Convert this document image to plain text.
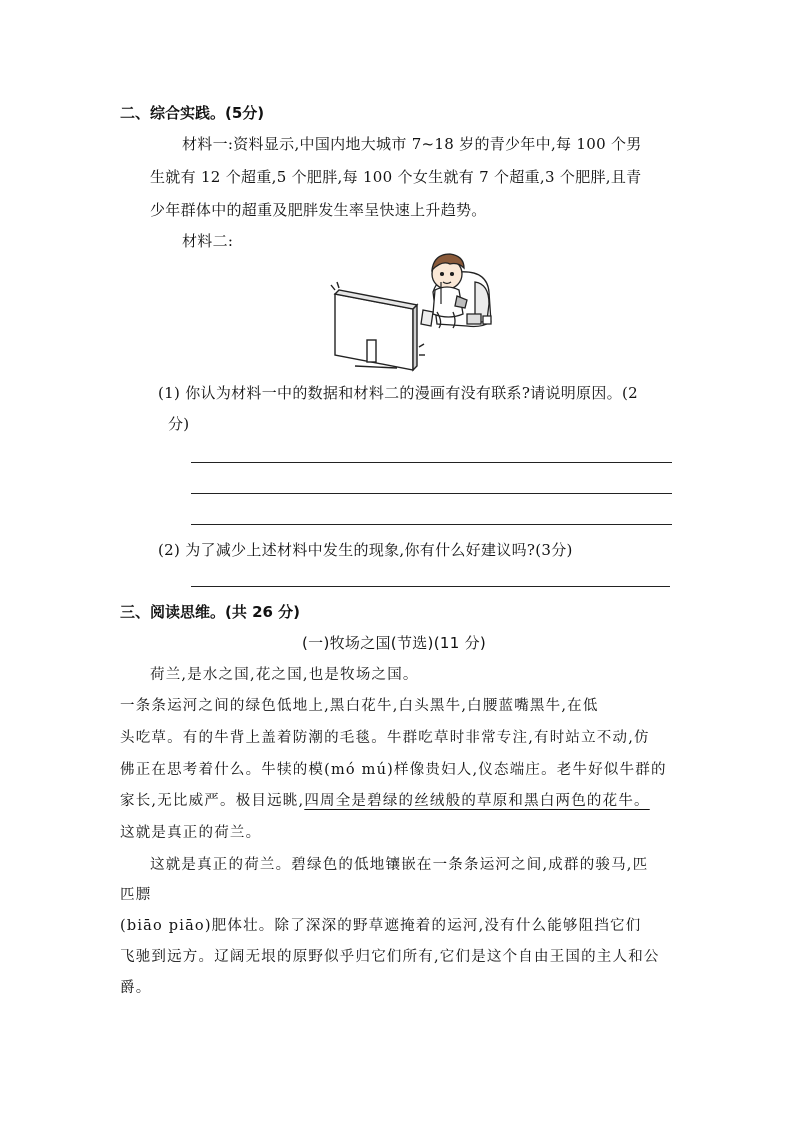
二、综合实践。(5分)
材料一:资料显示,中国内地大城市 7~18 岁的青少年中,每 100 个男
生就有 12 个超重,5 个肥胖,每 100 个女生就有 7 个超重,3 个肥胖,且青
少年群体中的超重及肥胖发生率呈快速上升趋势。
材料二:
(1) 你认为材料一中的数据和材料二的漫画有没有联系?请说明原因。(2
分)
(2) 为了减少上述材料中发生的现象,你有什么好建议吗?(3分)
三、阅读思维。(共 26 分)
(一)牧场之国(节选)(11 分)
荷兰,是水之国,花之国,也是牧场之国。
一条条运河之间的绿色低地上,黑白花牛,白头黑牛,白腰蓝嘴黑牛,在低
头吃草。有的牛背上盖着防潮的毛毯。牛群吃草时非常专注,有时站立不动,仿
佛正在思考着什么。牛犊的模(mó mú)样像贵妇人,仪态端庄。老牛好似牛群的
家长,无比威严。极目远眺,四周全是碧绿的丝绒般的草原和黑白两色的花牛。
这就是真正的荷兰。
这就是真正的荷兰。碧绿色的低地镶嵌在一条条运河之间,成群的骏马,匹
匹膘
(biāo piāo)肥体壮。除了深深的野草遮掩着的运河,没有什么能够阻挡它们
飞驰到远方。辽阔无垠的原野似乎归它们所有,它们是这个自由王国的主人和公
爵。
